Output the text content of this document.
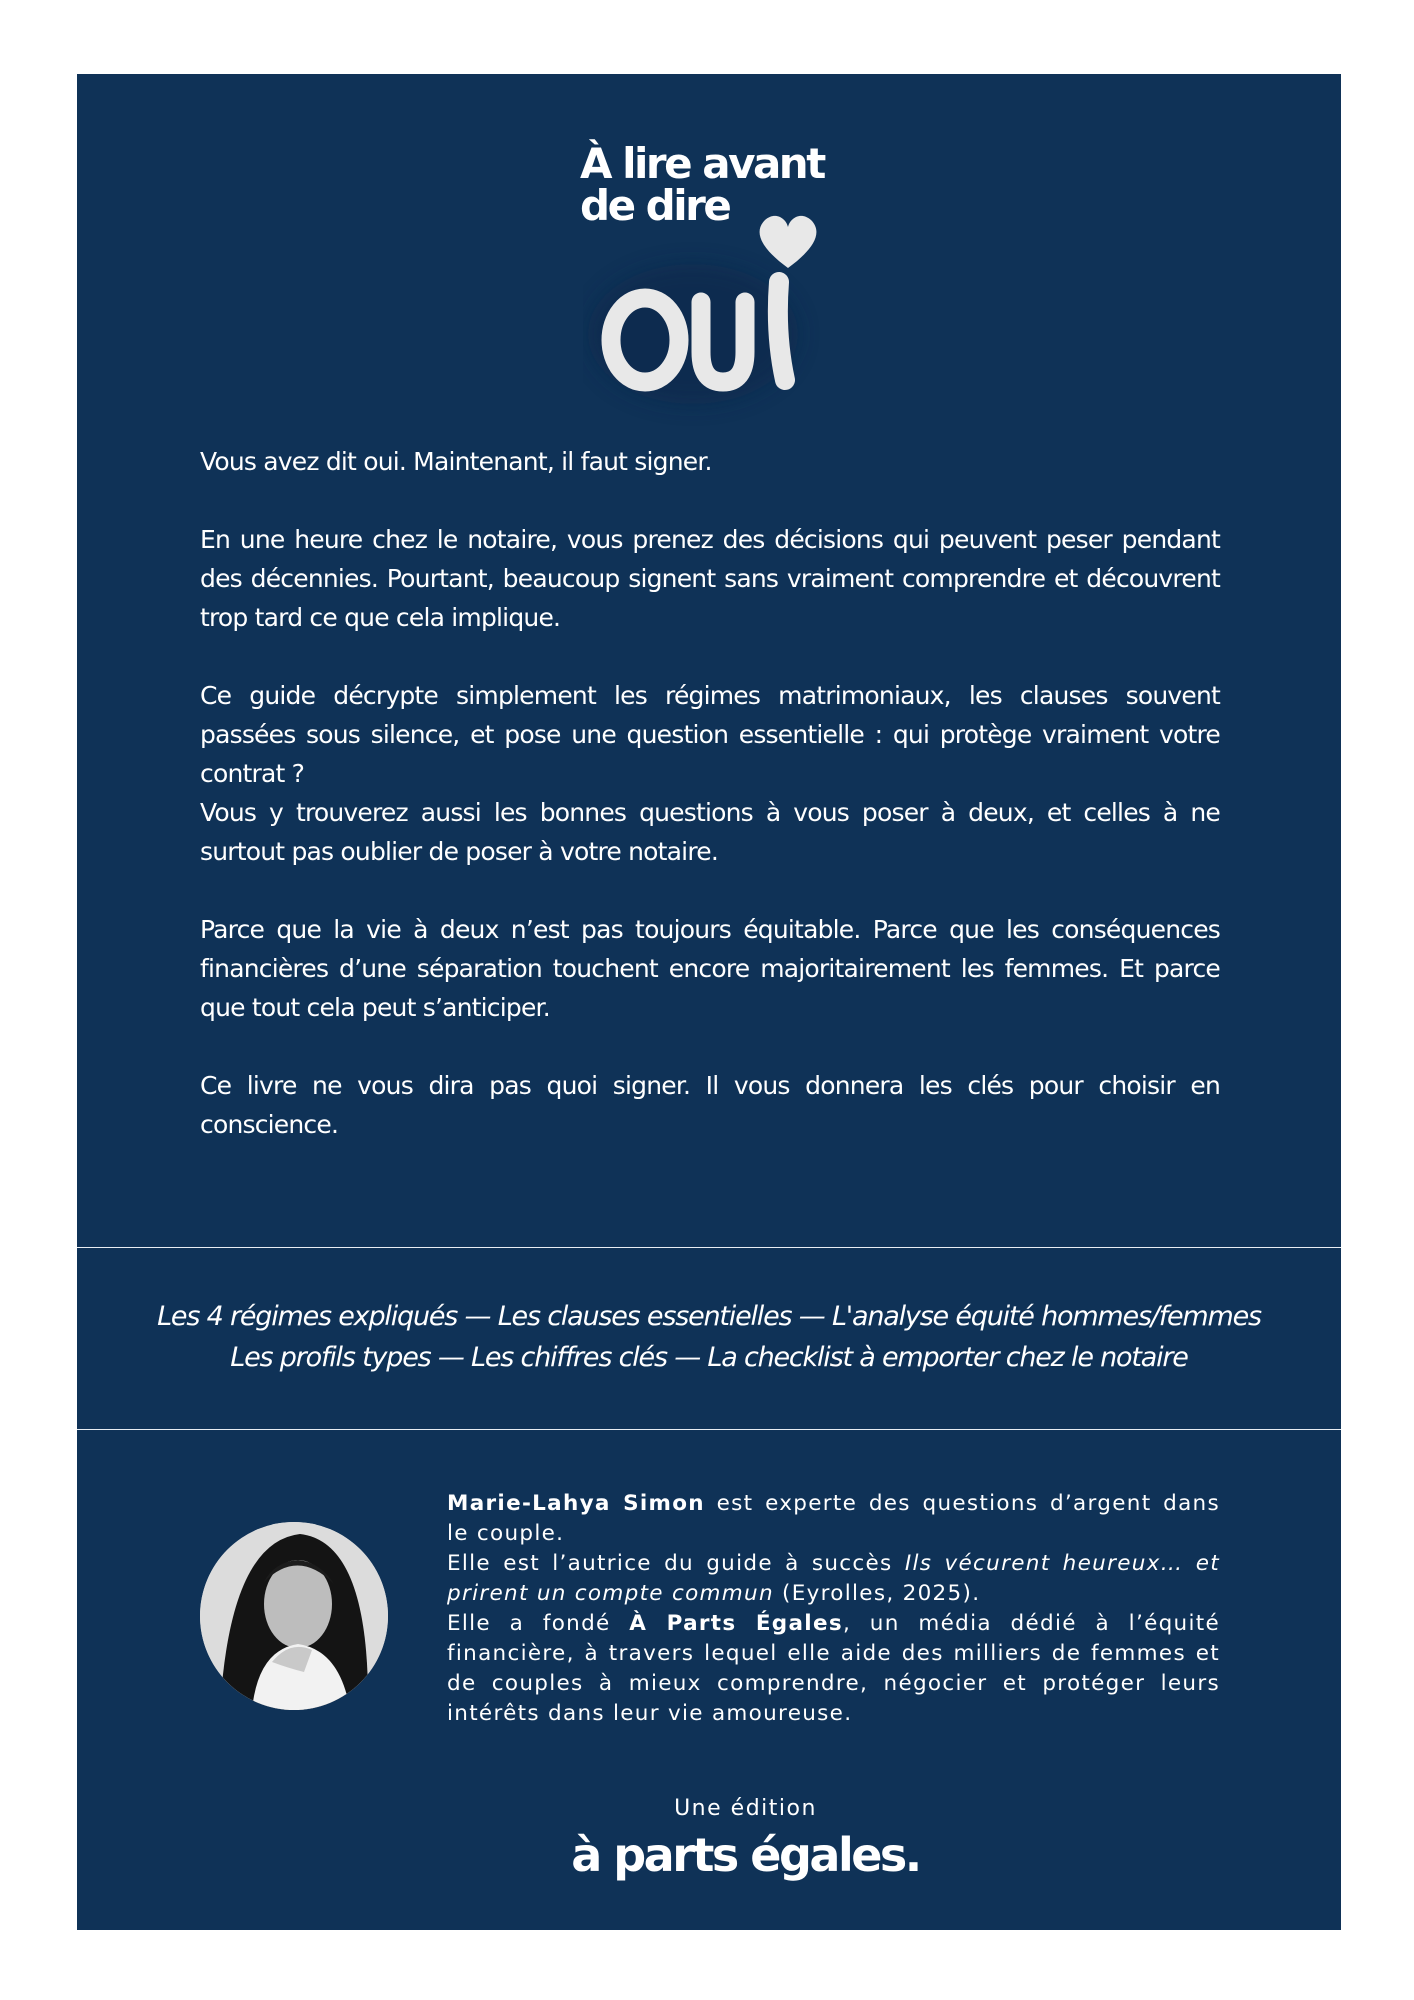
À lire avant
de dire

Vous avez dit oui. Maintenant, il faut signer.

En une heure chez le notaire, vous prenez des décisions qui peuvent peser pendant des décennies. Pourtant, beaucoup signent sans vraiment comprendre et découvrent trop tard ce que cela implique.

Ce guide décrypte simplement les régimes matrimoniaux, les clauses souvent passées sous silence, et pose une question essentielle : qui protège vraiment votre contrat ?

Vous y trouverez aussi les bonnes questions à vous poser à deux, et celles à ne surtout pas oublier de poser à votre notaire.

Parce que la vie à deux n’est pas toujours équitable. Parce que les conséquences financières d’une séparation touchent encore majoritairement les femmes. Et parce que tout cela peut s’anticiper.

Ce livre ne vous dira pas quoi signer. Il vous donnera les clés pour choisir en conscience.

Les 4 régimes expliqués — Les clauses essentielles — L'analyse équité hommes/femmes
Les profils types — Les chiffres clés — La checklist à emporter chez le notaire

Marie-Lahya Simon est experte des questions d’argent dans le couple.

Elle est l’autrice du guide à succès Ils vécurent heureux… et prirent un compte commun (Eyrolles, 2025).

Elle a fondé À Parts Égales, un média dédié à l’équité financière, à travers lequel elle aide des milliers de femmes et de couples à mieux comprendre, négocier et protéger leurs intérêts dans leur vie amoureuse.

Une édition
à parts égales.
